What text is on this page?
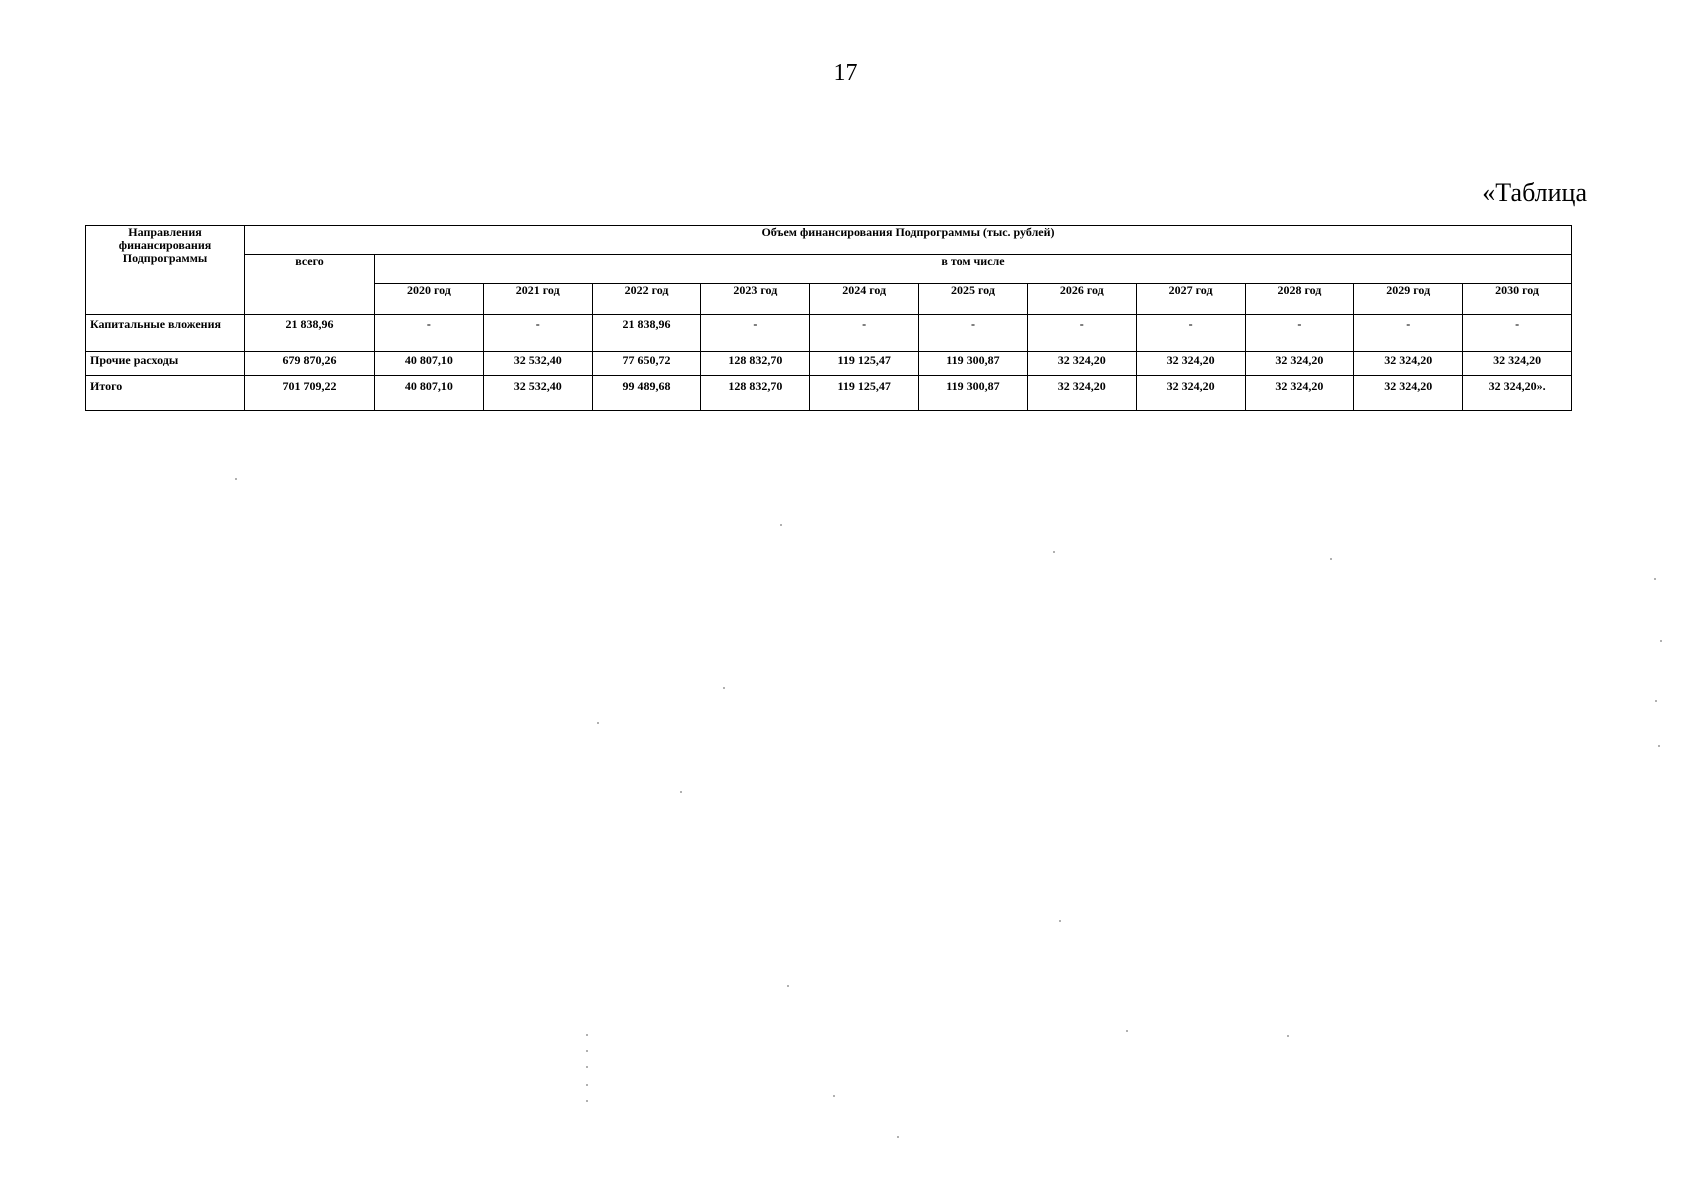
17
«Таблица
Направления финансирования Подпрограммы	Объем финансирования Подпрограммы (тыс. рублей)											
	всего	в том числе										
		2020 год	2021 год	2022 год	2023 год	2024 год	2025 год	2026 год	2027 год	2028 год	2029 год	2030 год
Капитальные вложения	21 838,96	-	-	21 838,96	-	-	-	-	-	-	-	-
Прочие расходы	679 870,26	40 807,10	32 532,40	77 650,72	128 832,70	119 125,47	119 300,87	32 324,20	32 324,20	32 324,20	32 324,20	32 324,20
Итого	701 709,22	40 807,10	32 532,40	99 489,68	128 832,70	119 125,47	119 300,87	32 324,20	32 324,20	32 324,20	32 324,20	32 324,20».
